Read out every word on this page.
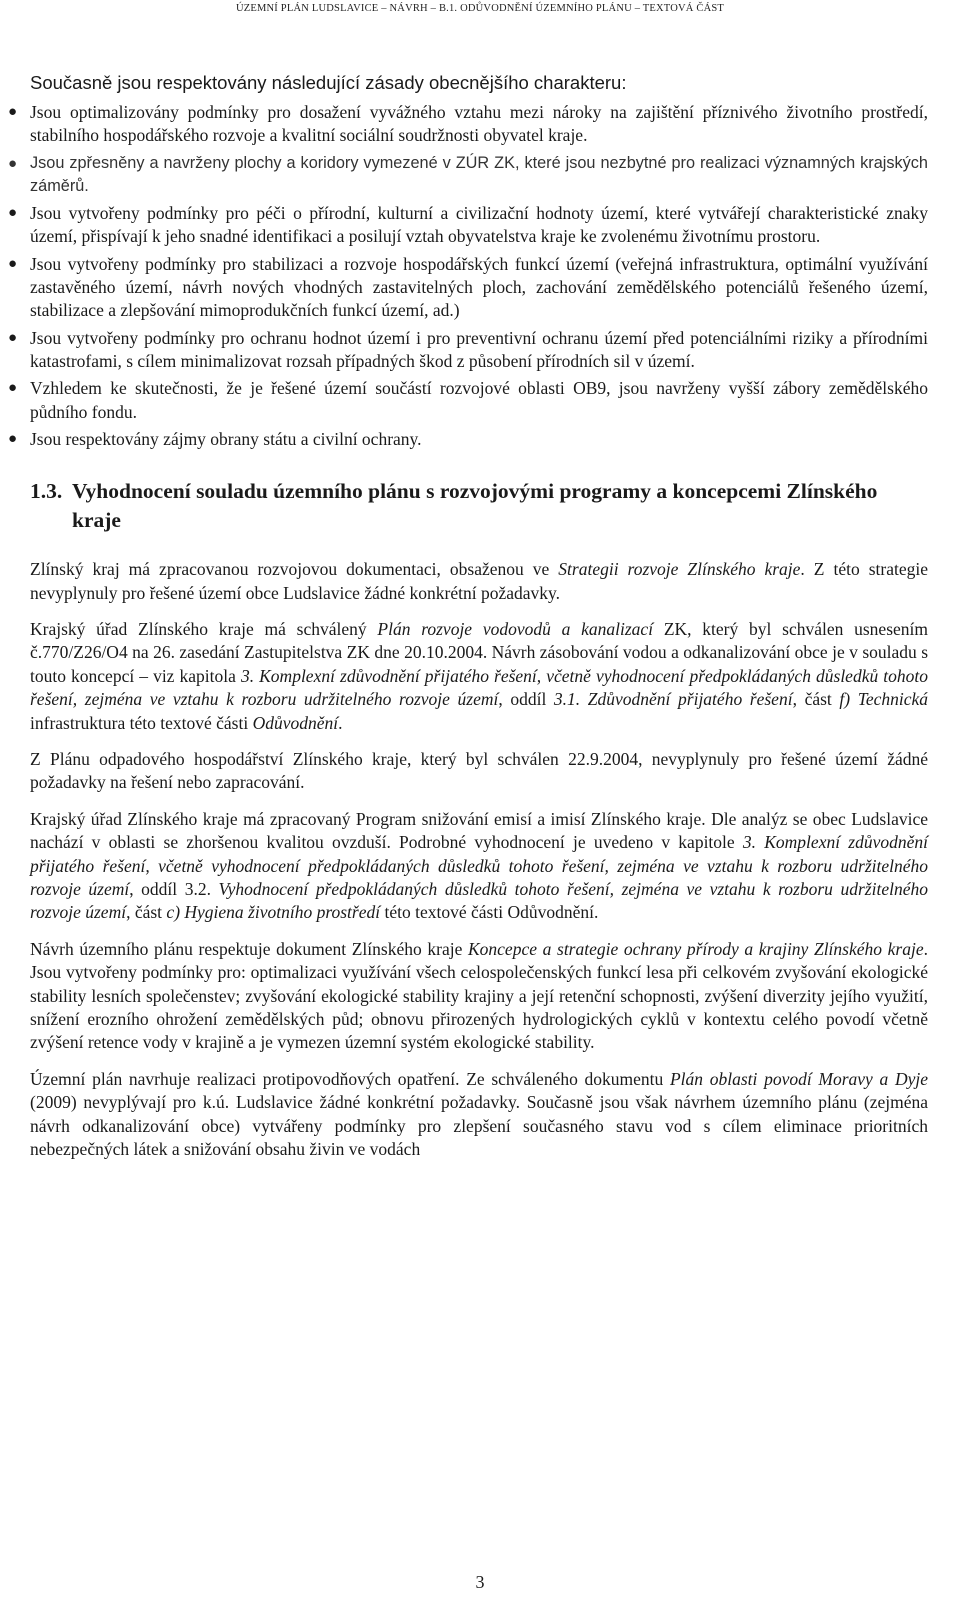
ÚZEMNÍ PLÁN LUDSLAVICE – NÁVRH – B.1. ODŮVODNĚNÍ ÚZEMNÍHO PLÁNU – TEXTOVÁ ČÁST

Současně jsou respektovány následující zásady obecnějšího charakteru:

● Jsou optimalizovány podmínky pro dosažení vyvážného vztahu mezi nároky na zajištění příznivého životního prostředí, stabilního hospodářského rozvoje a kvalitní sociální soudržnosti obyvatel kraje.
● Jsou zpřesněny a navrženy plochy a koridory vymezené v ZÚR ZK, které jsou nezbytné pro realizaci významných krajských záměrů.
● Jsou vytvořeny podmínky pro péči o přírodní, kulturní a civilizační hodnoty území, které vytvářejí charakteristické znaky území, přispívají k jeho snadné identifikaci a posilují vztah obyvatelstva kraje ke zvolenému životnímu prostoru.
● Jsou vytvořeny podmínky pro stabilizaci a rozvoje hospodářských funkcí území (veřejná infrastruktura, optimální využívání zastavěného území, návrh nových vhodných zastavitelných ploch, zachování zemědělského potenciálů řešeného území, stabilizace a zlepšování mimoprodukčních funkcí území, ad.)
● Jsou vytvořeny podmínky pro ochranu hodnot území i pro preventivní ochranu území před potenciálními riziky a přírodními katastrofami, s cílem minimalizovat rozsah případných škod z působení přírodních sil v území.
● Vzhledem ke skutečnosti, že je řešené území součástí rozvojové oblasti OB9, jsou navrženy vyšší zábory zemědělského půdního fondu.
● Jsou respektovány zájmy obrany státu a civilní ochrany.
1.3. Vyhodnocení souladu územního plánu s rozvojovými programy a koncepcemi Zlínského kraje

Zlínský kraj má zpracovanou rozvojovou dokumentaci, obsaženou ve Strategii rozvoje Zlínského kraje. Z této strategie nevyplynuly pro řešené území obce Ludslavice žádné konkrétní požadavky.

Krajský úřad Zlínského kraje má schválený Plán rozvoje vodovodů a kanalizací ZK, který byl schválen usnesením č.770/Z26/O4 na 26. zasedání Zastupitelstva ZK dne 20.10.2004. Návrh zásobování vodou a odkanalizování obce je v souladu s touto koncepcí – viz kapitola 3. Komplexní zdůvodnění přijatého řešení, včetně vyhodnocení předpokládaných důsledků tohoto řešení, zejména ve vztahu k rozboru udržitelného rozvoje území, oddíl 3.1. Zdůvodnění přijatého řešení, část f) Technická infrastruktura této textové části Odůvodnění.

Z Plánu odpadového hospodářství Zlínského kraje, který byl schválen 22.9.2004, nevyplynuly pro řešené území žádné požadavky na řešení nebo zapracování.

Krajský úřad Zlínského kraje má zpracovaný Program snižování emisí a imisí Zlínského kraje. Dle analýz se obec Ludslavice nachází v oblasti se zhoršenou kvalitou ovzduší. Podrobné vyhodnocení je uvedeno v kapitole 3. Komplexní zdůvodnění přijatého řešení, včetně vyhodnocení předpokládaných důsledků tohoto řešení, zejména ve vztahu k rozboru udržitelného rozvoje území, oddíl 3.2. Vyhodnocení předpokládaných důsledků tohoto řešení, zejména ve vztahu k rozboru udržitelného rozvoje území, část c) Hygiena životního prostředí této textové části Odůvodnění.

Návrh územního plánu respektuje dokument Zlínského kraje Koncepce a strategie ochrany přírody a krajiny Zlínského kraje. Jsou vytvořeny podmínky pro: optimalizaci využívání všech celospolečenských funkcí lesa při celkovém zvyšování ekologické stability lesních společenstev; zvyšování ekologické stability krajiny a její retenční schopnosti, zvýšení diverzity jejího využití, snížení erozního ohrožení zemědělských půd; obnovu přirozených hydrologických cyklů v kontextu celého povodí včetně zvýšení retence vody v krajině a je vymezen územní systém ekologické stability.

Územní plán navrhuje realizaci protipovodňových opatření. Ze schváleného dokumentu Plán oblasti povodí Moravy a Dyje (2009) nevyplývají pro k.ú. Ludslavice žádné konkrétní požadavky. Současně jsou však návrhem územního plánu (zejména návrh odkanalizování obce) vytvářeny podmínky pro zlepšení současného stavu vod s cílem eliminace prioritních nebezpečných látek a snižování obsahu živin ve vodách

3
